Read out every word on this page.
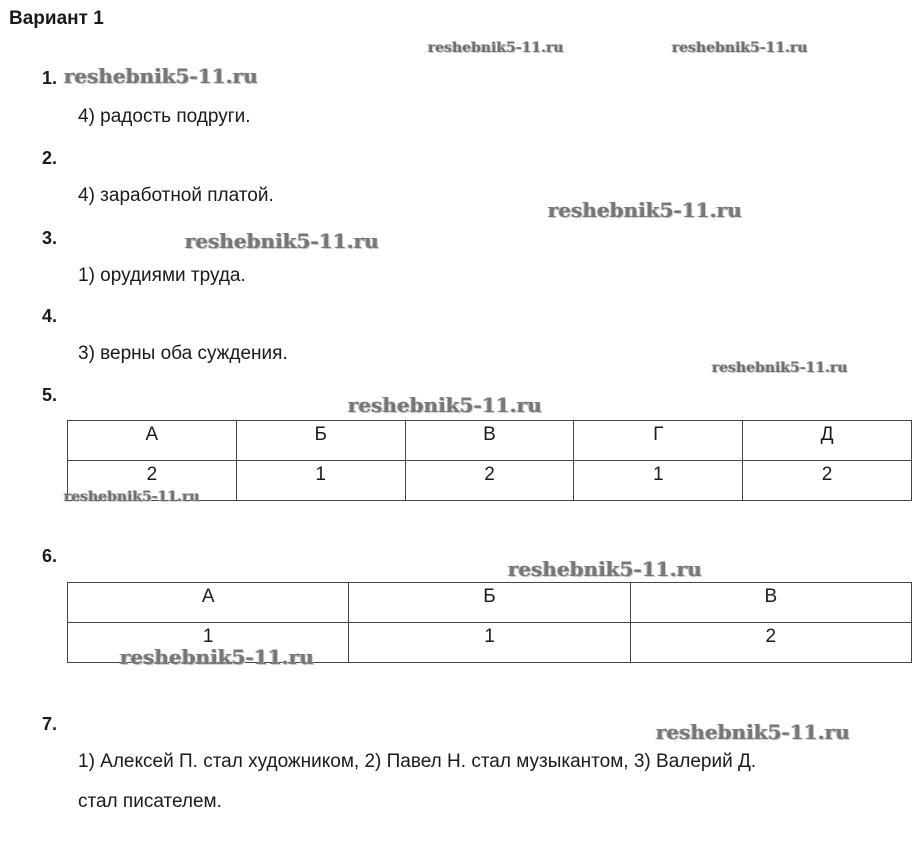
Вариант 1
1.
4) радость подруги.
2.
4) заработной платой.
3.
1) орудиями труда.
4.
3) верны оба суждения.
5.
А	Б	В	Г	Д
2	1	2	1	2
6.
А	Б	В
1	1	2
7.
1) Алексей П. стал художником, 2) Павел Н. стал музыкантом, 3) Валерий Д.
стал писателем.
reshebnik5-11.ru	reshebnik5-11.ru
reshebnik5-11.ru
reshebnik5-11.ru
reshebnik5-11.ru
reshebnik5-11.ru
reshebnik5-11.ru
reshebnik5-11.ru
reshebnik5-11.ru
reshebnik5-11.ru
reshebnik5-11.ru
